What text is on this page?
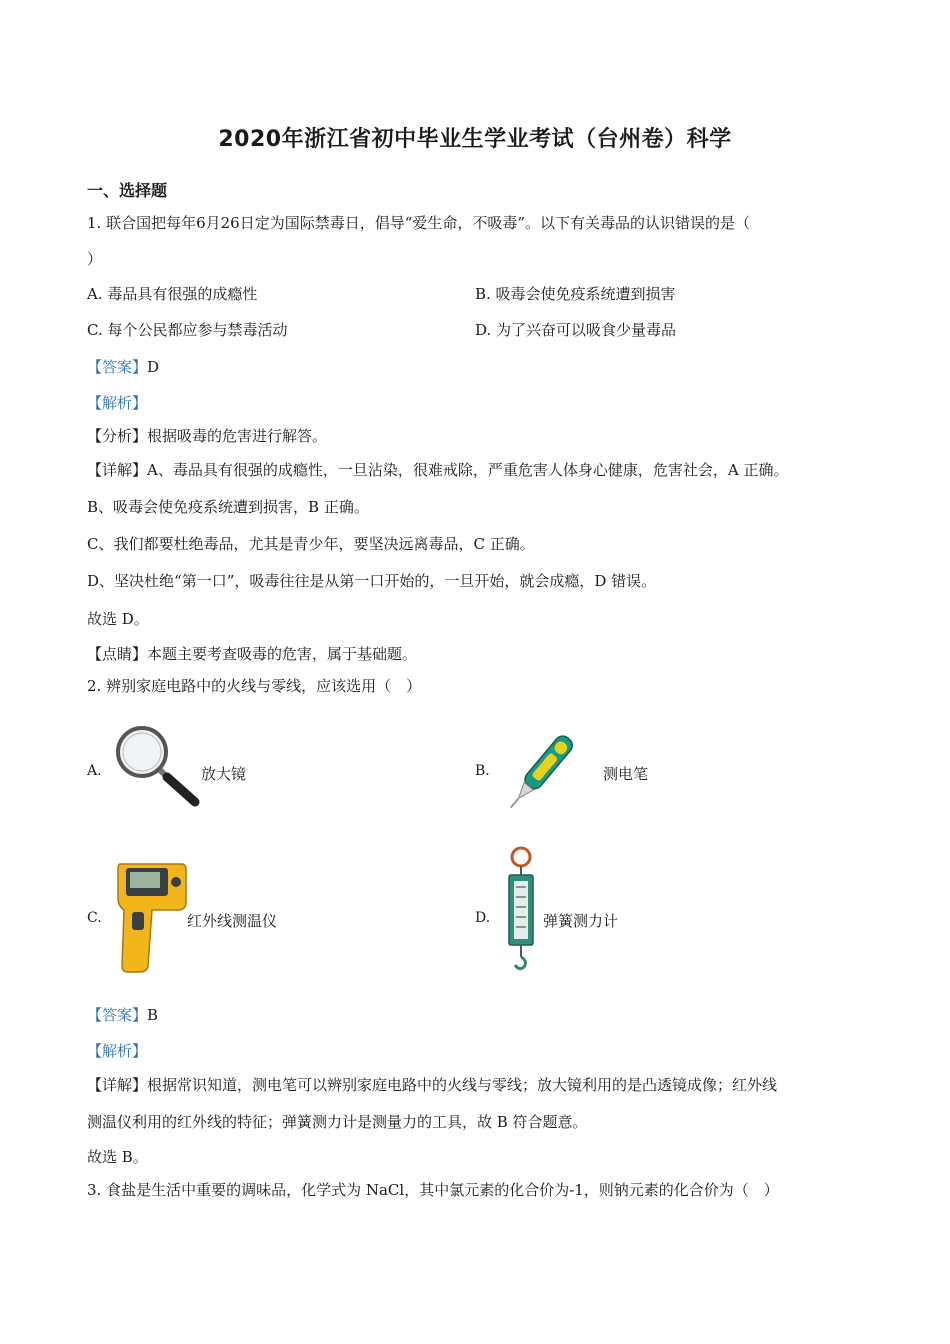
2020年浙江省初中毕业生学业考试（台州卷）科学
一、选择题
1. 联合国把每年6月26日定为国际禁毒日，倡导“爱生命，不吸毒”。以下有关毒品的认识错误的是（
）
A. 毒品具有很强的成瘾性	B. 吸毒会使免疫系统遭到损害
C. 每个公民都应参与禁毒活动	D. 为了兴奋可以吸食少量毒品
【答案】D
【解析】
【分析】根据吸毒的危害进行解答。
【详解】A、毒品具有很强的成瘾性，一旦沾染，很难戒除，严重危害人体身心健康，危害社会，A 正确。
B、吸毒会使免疫系统遭到损害，B 正确。
C、我们都要杜绝毒品，尤其是青少年，要坚决远离毒品，C 正确。
D、坚决杜绝“第一口”，吸毒往往是从第一口开始的，一旦开始，就会成瘾，D 错误。
故选 D。
【点睛】本题主要考查吸毒的危害，属于基础题。
2. 辨别家庭电路中的火线与零线，应该选用（　）
A.	放大镜	B.	测电笔
C.	红外线测温仪	D.	弹簧测力计
【答案】B
【解析】
【详解】根据常识知道，测电笔可以辨别家庭电路中的火线与零线；放大镜利用的是凸透镜成像；红外线
测温仪利用的红外线的特征；弹簧测力计是测量力的工具，故 B 符合题意。
故选 B。
3. 食盐是生活中重要的调味品，化学式为 NaCl，其中氯元素的化合价为-1，则钠元素的化合价为（　）
